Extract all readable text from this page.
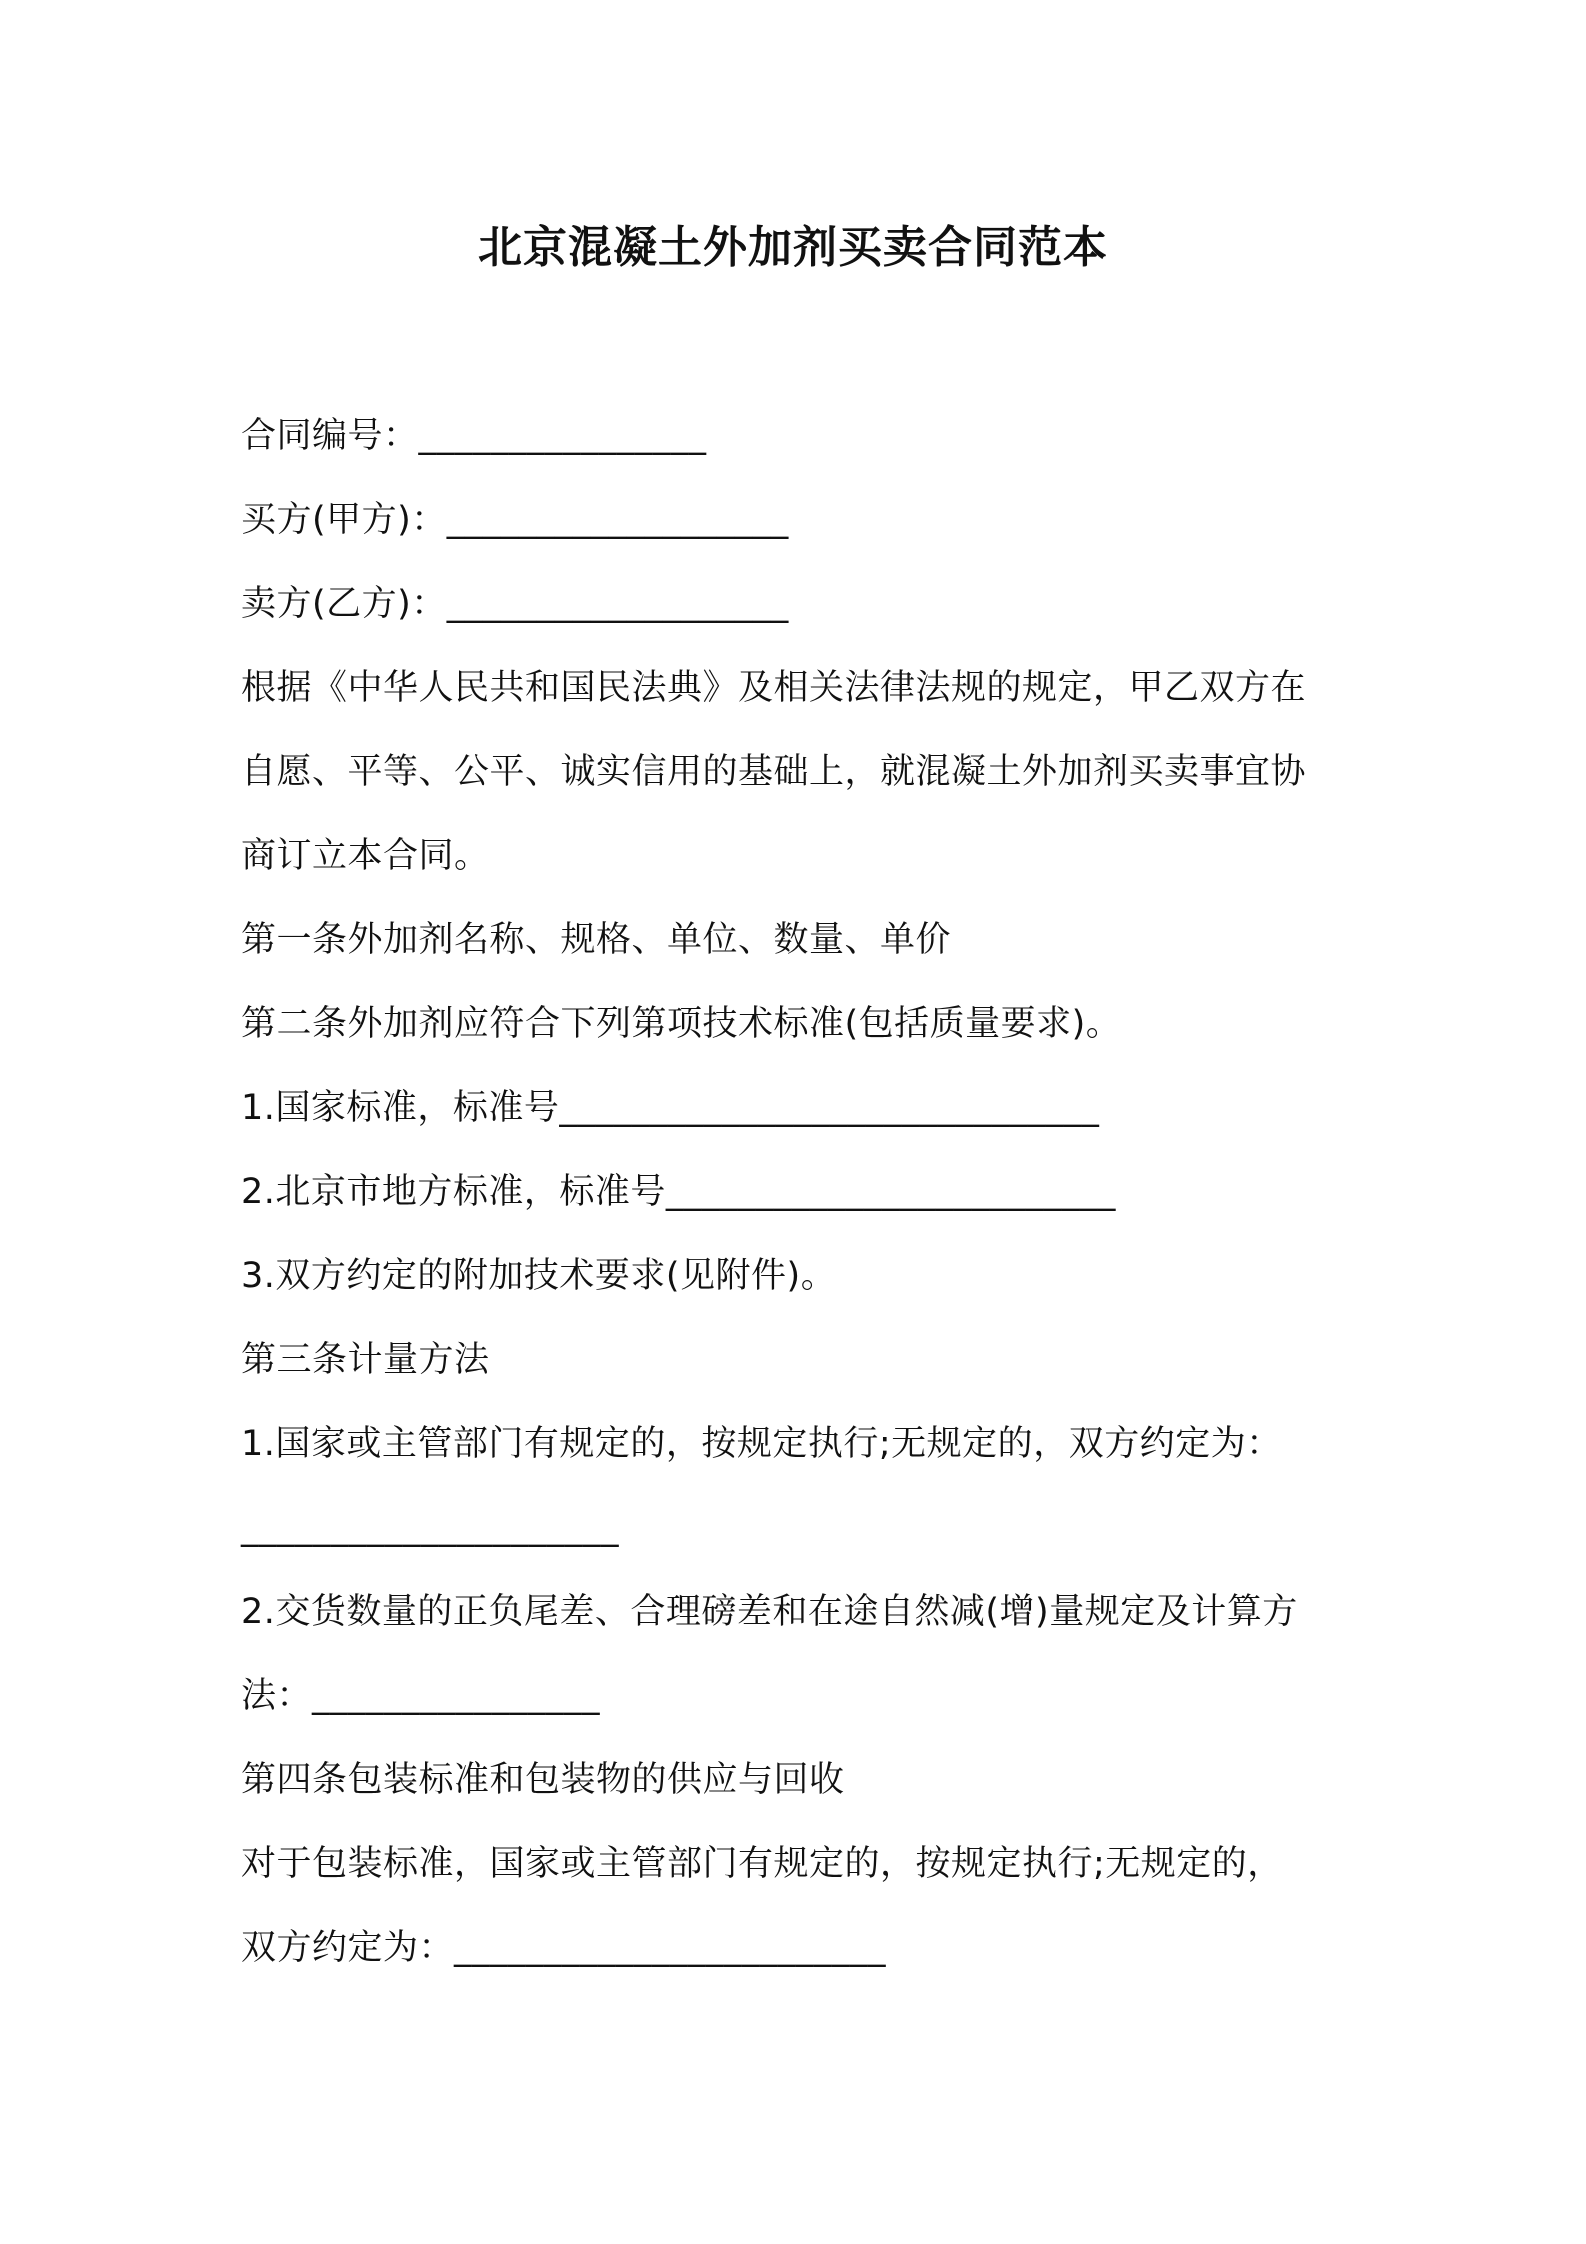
北京混凝土外加剂买卖合同范本
合同编号：________________
买方(甲方)：___________________
卖方(乙方)：___________________
根据《中华人民共和国民法典》及相关法律法规的规定，甲乙双方在
自愿、平等、公平、诚实信用的基础上，就混凝土外加剂买卖事宜协
商订立本合同。
第一条外加剂名称、规格、单位、数量、单价
第二条外加剂应符合下列第项技术标准(包括质量要求)。
1.国家标准，标准号______________________________
2.北京市地方标准，标准号_________________________
3.双方约定的附加技术要求(见附件)。
第三条计量方法
1.国家或主管部门有规定的，按规定执行;无规定的，双方约定为：
_____________________
2.交货数量的正负尾差、合理磅差和在途自然减(增)量规定及计算方
法：________________
第四条包装标准和包装物的供应与回收
对于包装标准，国家或主管部门有规定的，按规定执行;无规定的，
双方约定为：________________________
